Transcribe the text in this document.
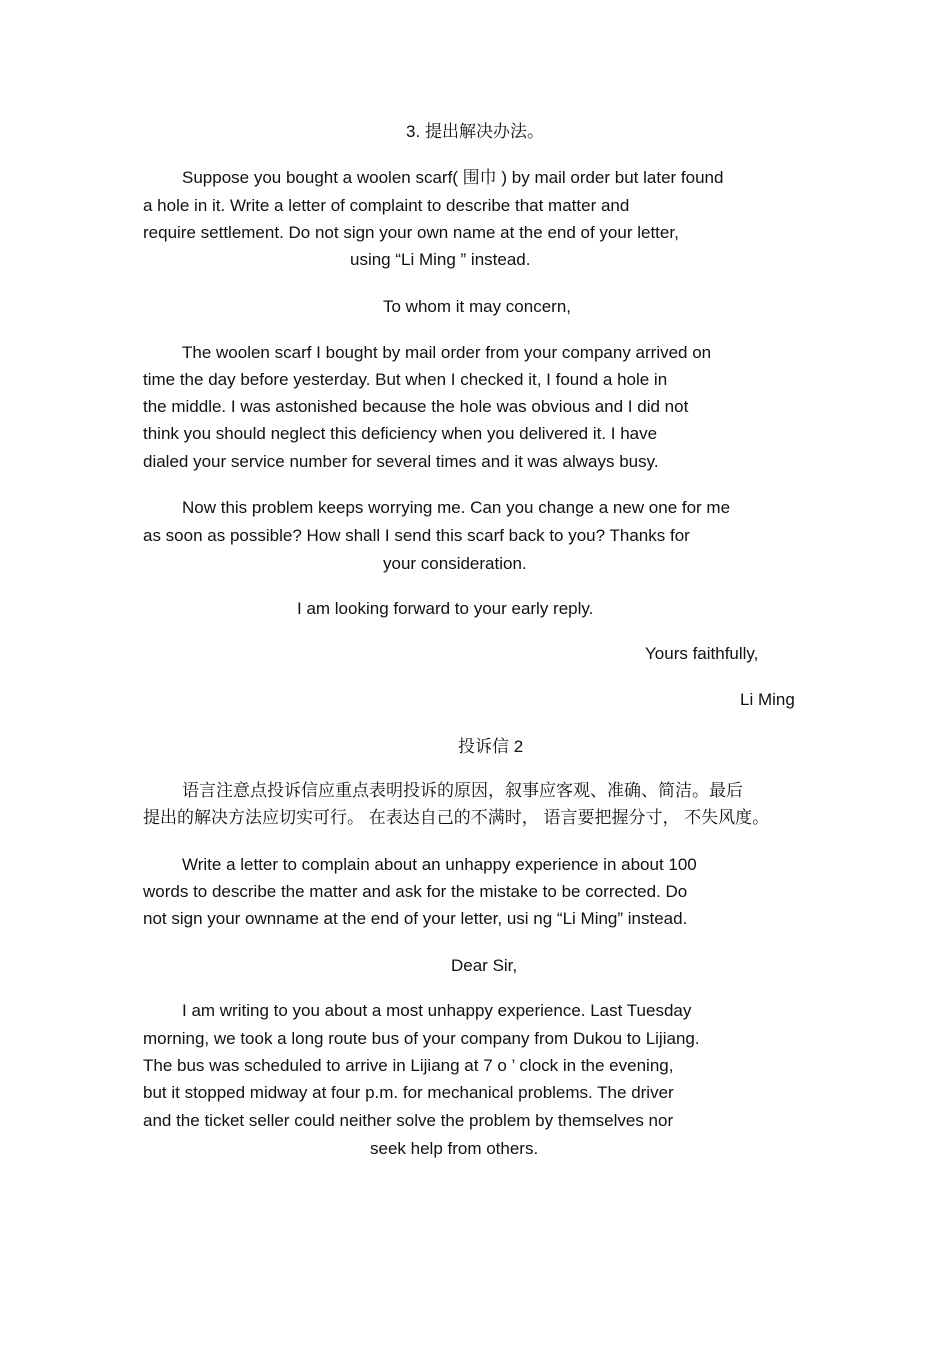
3. 提出解决办法。
Suppose you bought a woolen scarf( 围巾 ) by mail order but later found
a hole in it. Write a letter of complaint to describe that matter and
require settlement. Do not sign your own name at the end of your letter,
using “Li Ming ” instead.
To whom it may concern,
The woolen scarf I bought by mail order from your company arrived on
time the day before yesterday. But when I checked it, I found a hole in
the middle. I was astonished because the hole was obvious and I did not
think you should neglect this deficiency when you delivered it. I have
dialed your service number for several times and it was always busy.
Now this problem keeps worrying me. Can you change a new one for me
as soon as possible? How shall I send this scarf back to you? Thanks for
your consideration.
I am looking forward to your early reply.
Yours faithfully,
Li Ming
投诉信 2
语言注意点投诉信应重点表明投诉的原因，叙事应客观、准确、简洁。最后
提出的解决方法应切实可行。 在表达自己的不满时， 语言要把握分寸， 不失风度。
Write a letter to complain about an unhappy experience in about 100
words to describe the matter and ask for the mistake to be corrected. Do
not sign your ownname at the end of your letter, usi ng “Li Ming” instead.
Dear Sir,
I am writing to you about a most unhappy experience. Last Tuesday
morning, we took a long route bus of your company from Dukou to Lijiang.
The bus was scheduled to arrive in Lijiang at 7 o ’ clock in the evening,
but it stopped midway at four p.m. for mechanical problems. The driver
and the ticket seller could neither solve the problem by themselves nor
seek help from others.
